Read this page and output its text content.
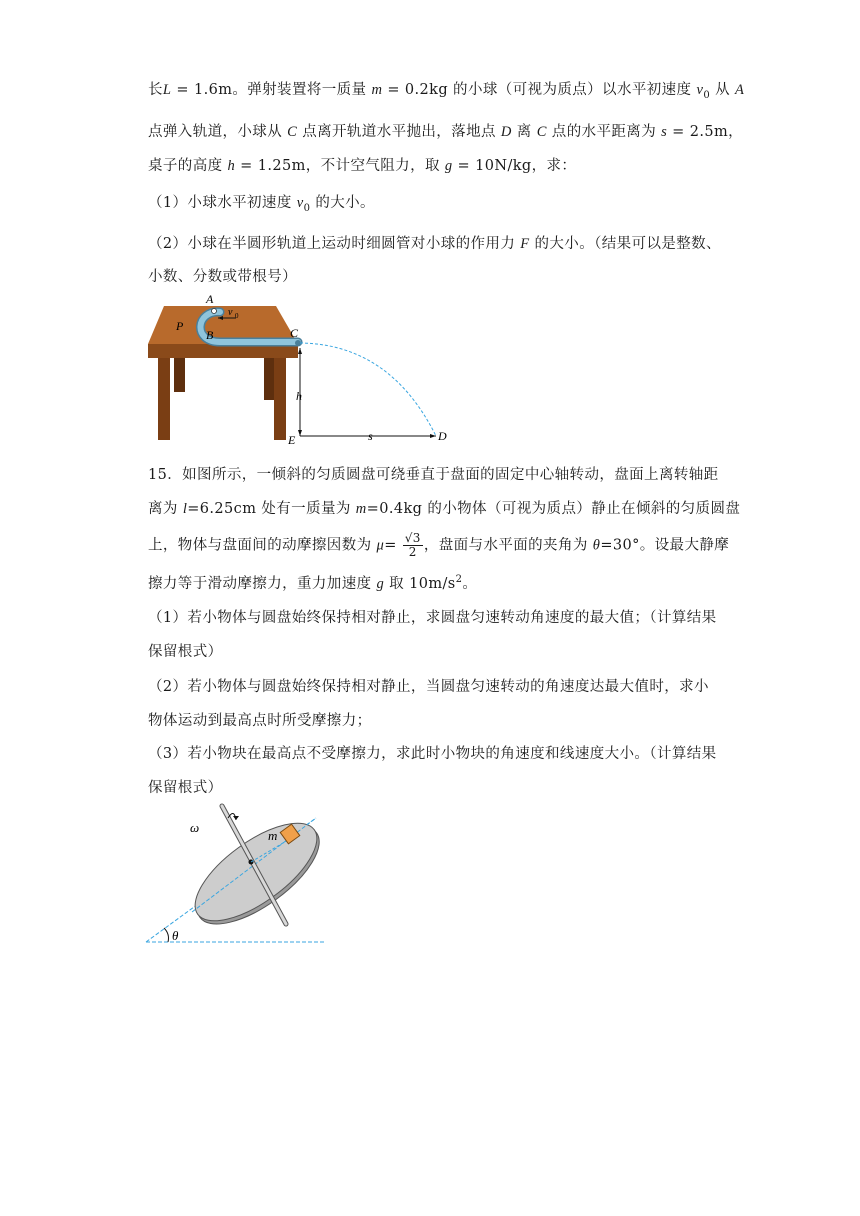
长L = 1.6m。弹射装置将一质量 m = 0.2kg 的小球（可视为质点）以水平初速度 $v_0$ 从 A
点弹入轨道，小球从 C 点离开轨道水平抛出，落地点 D 离 C 点的水平距离为 s = 2.5m，
桌子的高度 h = 1.25m，不计空气阻力，取 g = 10N/kg，求：
（1）小球水平初速度 $v_0$ 的大小。
（2）小球在半圆形轨道上运动时细圆管对小球的作用力 F 的大小。（结果可以是整数、
小数、分数或带根号）
A
v 0
P
B	C
h
E	s	D
15．如图所示，一倾斜的匀质圆盘可绕垂直于盘面的固定中心轴转动，盘面上离转轴距
离为 l=6.25cm 处有一质量为 m=0.4kg 的小物体（可视为质点）静止在倾斜的匀质圆盘
上，物体与盘面间的动摩擦因数为 $\mu= \frac{√3}{2}$ ，盘面与水平面的夹角为 θ=30°。设最大静摩
擦力等于滑动摩擦力，重力加速度 g 取 $10m/s^2$。
（1）若小物体与圆盘始终保持相对静止，求圆盘匀速转动角速度的最大值；（计算结果
保留根式）
（2）若小物体与圆盘始终保持相对静止，当圆盘匀速转动的角速度达最大值时，求小
物体运动到最高点时所受摩擦力；
（3）若小物块在最高点不受摩擦力，求此时小物块的角速度和线速度大小。（计算结果
保留根式）
m
ω
θ
